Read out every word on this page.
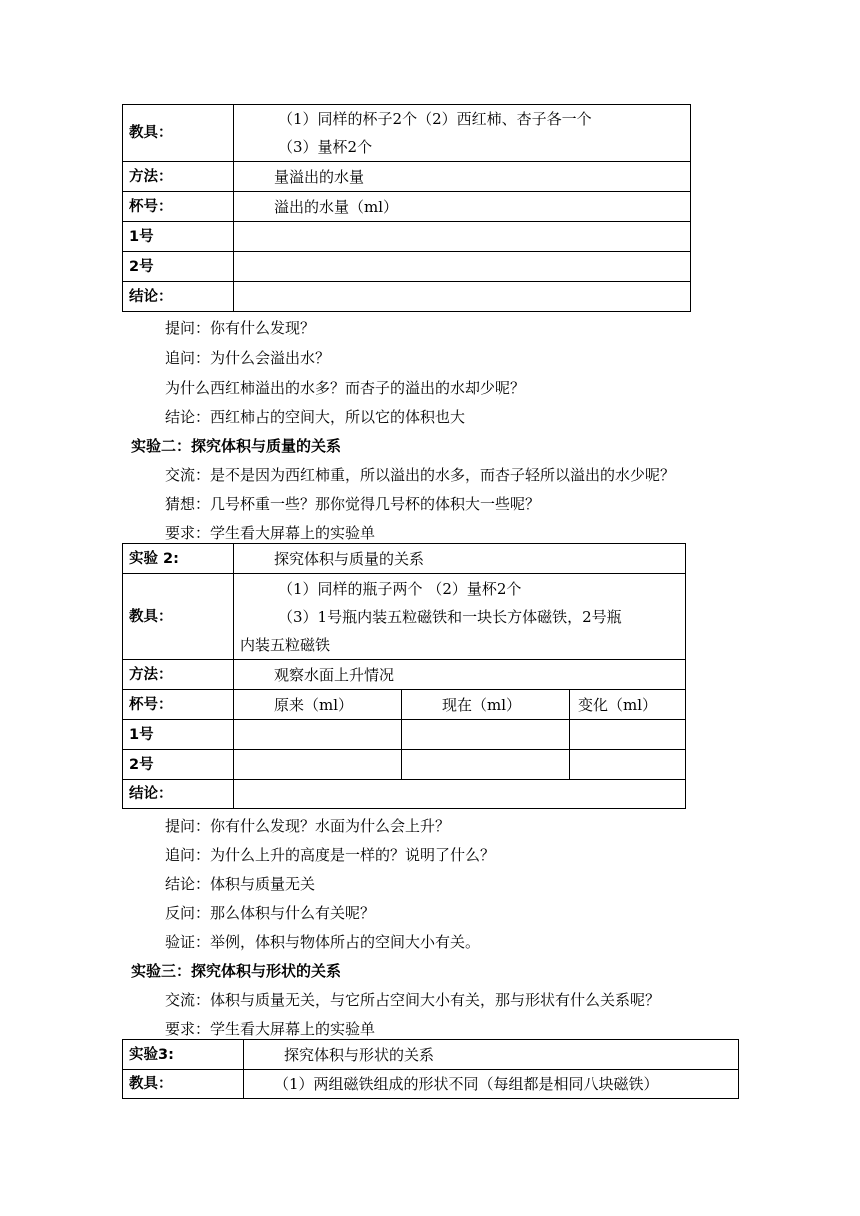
教具：	（1）同样的杯子2个（2）西红柿、杏子各一个
（3）量杯2个

方法：	量溢出的水量
杯号：	溢出的水量（ml）
1号	
2号	
结论：	
提问：你有什么发现？
追问：为什么会溢出水？
为什么西红柿溢出的水多？而杏子的溢出的水却少呢？
结论：西红柿占的空间大，所以它的体积也大
实验二：探究体积与质量的关系
交流：是不是因为西红柿重，所以溢出的水多，而杏子轻所以溢出的水少呢？
猜想：几号杯重一些？那你觉得几号杯的体积大一些呢？
要求：学生看大屏幕上的实验单
实验 2:	探究体积与质量的关系		
教具：	（1）同样的瓶子两个 （2）量杯2个
（3）1号瓶内装五粒磁铁和一块长方体磁铁，2号瓶
内装五粒磁铁		

方法：	观察水面上升情况		
杯号：	原来（ml）	现在（ml）	变化（ml）
1号			
2号			
结论：			
提问：你有什么发现？水面为什么会上升？
追问：为什么上升的高度是一样的？说明了什么？
结论：体积与质量无关
反问：那么体积与什么有关呢？
验证：举例，体积与物体所占的空间大小有关。
实验三：探究体积与形状的关系
交流：体积与质量无关，与它所占空间大小有关，那与形状有什么关系呢？
要求：学生看大屏幕上的实验单
实验3:	探究体积与形状的关系
教具：	（1）两组磁铁组成的形状不同（每组都是相同八块磁铁）
